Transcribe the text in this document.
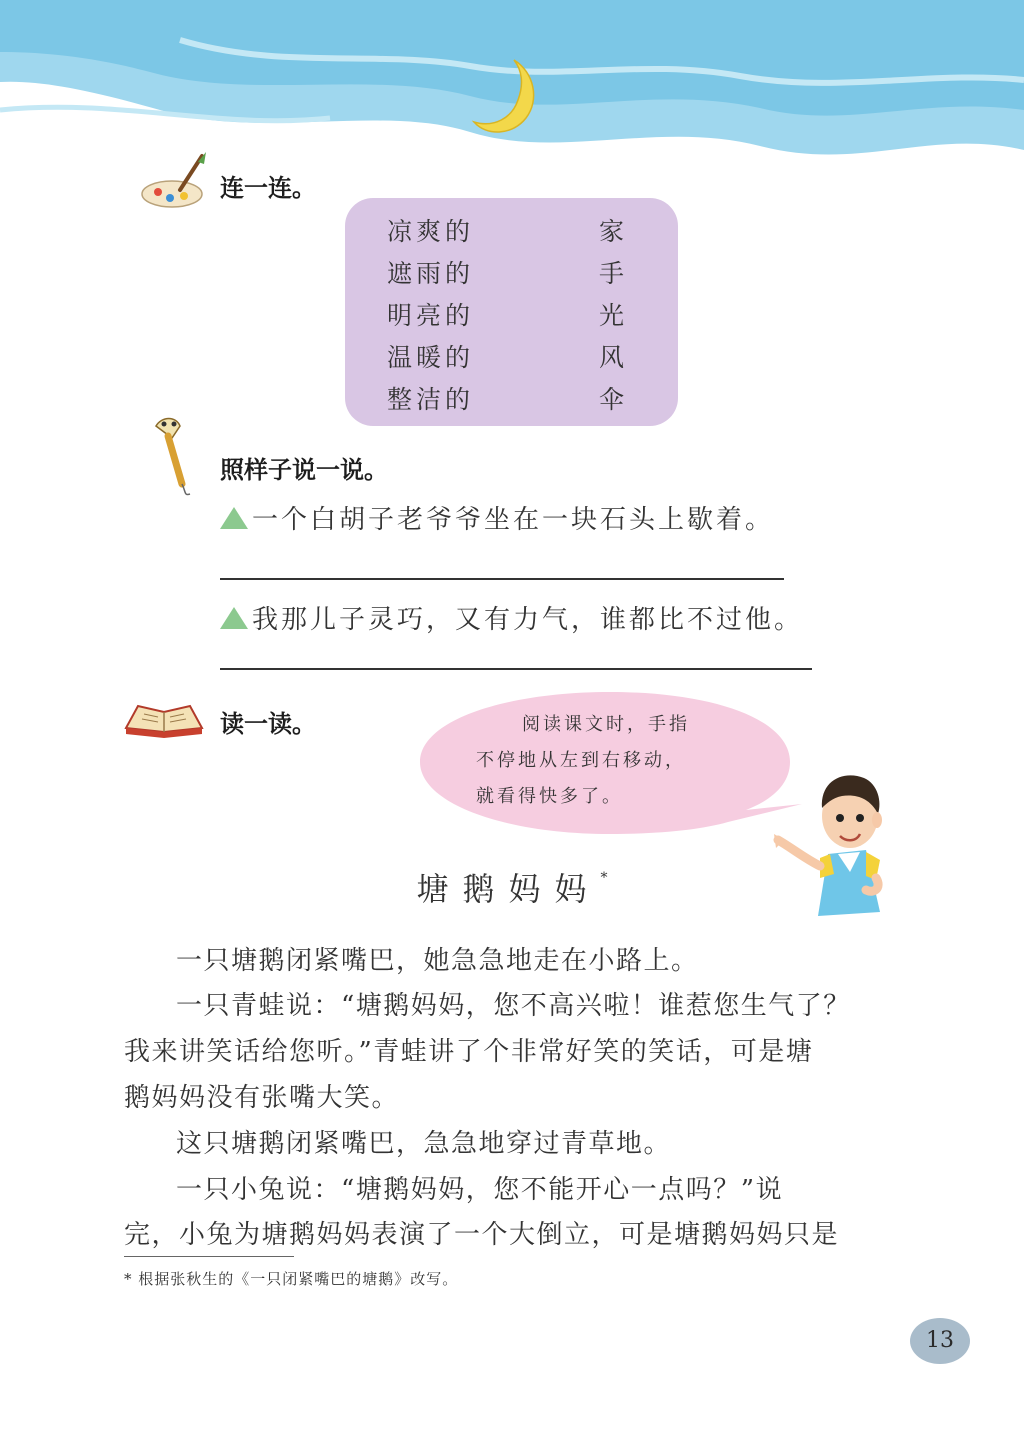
连一连。
凉爽的
遮雨的
明亮的
温暖的
整洁的
家
手
光
风
伞
照样子说一说。
一个白胡子老爷爷坐在一块石头上歇着。
我那儿子灵巧，又有力气，谁都比不过他。
读一读。	阅读课文时，手指
不停地从左到右移动，
就看得快多了。
塘鹅妈妈*
一只塘鹅闭紧嘴巴，她急急地走在小路上。
一只青蛙说：“塘鹅妈妈，您不高兴啦！谁惹您生气了？
我来讲笑话给您听。”青蛙讲了个非常好笑的笑话，可是塘
鹅妈妈没有张嘴大笑。
这只塘鹅闭紧嘴巴，急急地穿过青草地。
一只小兔说：“塘鹅妈妈，您不能开心一点吗？”说
完，小兔为塘鹅妈妈表演了一个大倒立，可是塘鹅妈妈只是
* 根据张秋生的《一只闭紧嘴巴的塘鹅》改写。
13
